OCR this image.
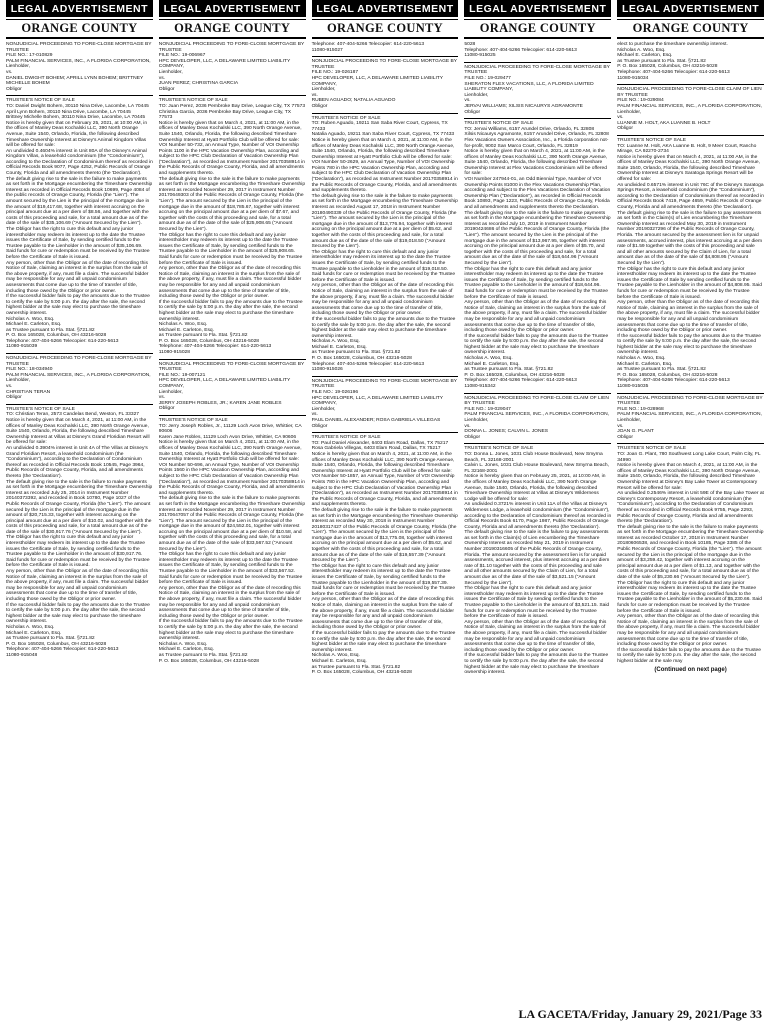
LEGAL ADVERTISEMENT
ORANGE COUNTY
NONJUDICIAL PROCEEDING TO FORE-CLOSE MORTGAGE BY TRUSTEE
FILE NO.: 17-010829
PALM FINANCIAL SERVICES, INC., A FLORIDA CORPORATION,
Lienholder,
vs.
DANIEL DWIGHT BOHEM; APRILL LYNN BOHEM; BRITTNEY MICHELLE BOHEM
Obligor
TRUSTEE'S NOTICE OF SALE
TO: Daniel Dwight Bohem, 30110 Nina Drive, Lacombe, LA 70445
April Lynn Bohem, 30110 Nina Drive, Lacombe, LA 70445
Brittney Michelle Bohem, 30110 Nina Drive, Lacombe, LA 70445
Notice is hereby given that on February 25, 2021, at 10:00 AM, in the offices of Manley Deas Kochalski LLC, 390 North Orange Avenue, Suite 1540, Orlando, Florida, the following described Timeshare Ownership Interest at Disney's Animal Kingdom Villas will be offered for sale:
An undivided 0.4604% interest in Unit 80A of the Disney's Animal Kingdom Villas, a leasehold condominium (the "Condominium"), according to the Declaration of Condominium thereof as recorded in Official Records Book 9077, Page 4252, Public Records of Orange County, Florida and all amendments thereto (the 'Declaration').
The default giving rise to the sale is the failure to make payments as set forth in the Mortgage encumbering the Timeshare Ownership Interest as recorded in Official Records Book 10699, Page 4084 of the public records of Orange County, Florida (the "Lien"). The amount secured by the Lien is the principal of the mortgage due in the amount of $19,417.68, together with interest accruing on the principal amount due at a per diem of $8.56, and together with the costs of this proceeding and sale, for a total amount due as of the date of the sale of $35,106.69 ("Amount Secured by the Lien").
The Obligor has the right to cure this default and any junior interestholder may redeem its interest up to the date the Trustee issues the Certificate of Sale, by sending certified funds to the Trustee payable to the Lienholder in the amount of $35,106.69. Said funds for cure or redemption must be received by the Trustee before the Certificate of Sale is issued.
Any person, other than the Obligor as of the date of recording this Notice of Sale, claiming an interest in the surplus from the sale of the above property, if any, must file a claim. The successful bidder may be responsible for any and all unpaid condominium assessments that come due up to the time of transfer of title, including those owed by the Obligor or prior owner.
If the successful bidder fails to pay the amounts due to the Trustee to certify the sale by 5:00 p.m. the day after the sale, the second highest bidder at the sale may elect to purchase the timeshare ownership interest.
Nicholas A. Woo, Esq.
Michael E. Carleton, Esq.
as Trustee pursuant to Fla. Stat. §721.82
P. O. Box 165028, Columbus, OH 43216-5028
Telephone: 407-404-5266 Telecopier: 614-220-5613
11080-915039
NONJUDICIAL PROCEEDING TO FORE-CLOSE MORTGAGE BY TRUSTEE
FILE NO.: 18-034940
PALM FINANCIAL SERVICES, INC., A FLORIDA CORPORATION,
Lienholder,
vs.
CHRISTIAN TERAN
Obligor
TRUSTEE'S NOTICE OF SALE
TO: Christian Teran, 2573 Candelas Bend, Weston, FL 33327
Notice is hereby given that on March 4, 2021, at 11:00 AM, in the offices of Manley Deas Kochalski LLC, 390 North Orange Avenue, Suite 1540, Orlando, Florida, the following described Timeshare Ownership Interest at Villas at Disney's Grand Floridian Resort will be offered for sale:
An undivided 0.3904% interest in Unit 4A of The Villas at Disney's Grand Floridian Resort, a leasehold condominium (the "Condominium"), according to the Declaration of Condominium thereof as recorded in Official Records Book 10545, Page 3964, Public Records of Orange County, Florida, and all amendments thereto (the 'Declaration').
The default giving rise to the sale is the failure to make payments as set forth in the Mortgage encumbering the Timeshare Ownership Interest as recorded July 25, 2014 in Instrument Number 20140373392, and recorded in Book 10780, Page 1027 of the Public Records of Orange County, Florida (the "Lien"). The amount secured by the Lien is the principal of the mortgage due in the amount of $20,715.33, together with interest accruing on the principal amount due at a per diem of $10.02, and together with the costs of this proceeding and sale, for a total amount due as of the date of the sale of $30,917.76 ("Amount Secured by the Lien").
The Obligor has the right to cure this default and any junior interestholder may redeem its interest up to the date the Trustee issues the Certificate of Sale, by sending certified funds to the Trustee payable to the Lienholder in the amount of $30,917.76. Said funds for cure or redemption must be received by the Trustee before the Certificate of Sale is issued.
Any person, other than the Obligor as of the date of recording this Notice of Sale, claiming an interest in the surplus from the sale of the above property, if any, must file a claim. The successful bidder may be responsible for any and all unpaid condominium assessments that come due up to the time of transfer of title, including those owed by the Obligor or prior owner.
If the successful bidder fails to pay the amounts due to the Trustee to certify the sale by 5:00 p.m. the day after the sale, the second highest bidder at the sale may elect to purchase the timeshare ownership interest.
Nicholas A. Woo, Esq.
Michael E. Carleton, Esq.
as Trustee pursuant to Fla. Stat. §721.82
P. O. Box 165028, Columbus, OH 43216-5028
Telephone: 407-404-5266 Telecopier: 614-220-5613
11080-915048
LEGAL ADVERTISEMENT
ORANGE COUNTY
NONJUDICIAL PROCEEDING TO FORE-CLOSE MORTGAGE BY TRUSTEE
FILE NO.: 19-006967
HPC DEVELOPER, LLC, A DELAWARE LIMITED LIABILITY COMPANY,
Lienholder,
vs.
JUAN PEREZ; CHRISTINA GARCIA
Obligor
TRUSTEE'S NOTICE OF SALE
TO: Juan Perez, 2036 Pembroke Bay Drive, League City, TX 77573
Christina Garcia, 2036 Pembroke Bay Drive, League City, TX 77573
Notice is hereby given that on March 4, 2021, at 11:00 AM, in the offices of Manley Deas Kochalski LLC, 390 North Orange Avenue, Suite 1540, Orlando, Florida, the following described Timeshare Ownership Interest at Hyatt Portfolio Club will be offered for sale:
VOI Number 50-732, an Annual Type, Number of VOI Ownership Points 1100 in the HPC Vacation Ownership Plan, according and subject to the HPC Club Declaration of Vacation Ownership Plan ("Declaration"), as recorded as Instrument Number 20170358914 in the Public Records of Orange County, Florida, and all amendments and supplements thereto.
The default giving rise to the sale is the failure to make payments as set forth in the Mortgage encumbering the Timeshare Ownership Interest as recorded November 29, 2017 in Instrument Number 20170649303 of the Public Records of Orange County, Florida (the "Lien"). The amount secured by the Lien is the principal of the mortgage due in the amount of $18,785.67, together with interest accruing on the principal amount due at a per diem of $7.67, and together with the costs of this proceeding and sale, for a total amount due as of the date of the sale of $25,908.65 ("Amount Secured by the Lien").
The Obligor has the right to cure this default and any junior interestholder may redeem its interest up to the date the Trustee issues the Certificate of Sale, by sending certified funds to the Trustee payable to the Lienholder in the amount of $25,908.65. Said funds for cure or redemption must be received by the Trustee before the Certificate of Sale is issued.
Any person, other than the Obligor as of the date of recording this Notice of Sale, claiming an interest in the surplus from the sale of the above property, if any, must file a claim. The successful bidder may be responsible for any and all unpaid condominium assessments that come due up to the time of transfer of title, including those owed by the Obligor or prior owner.
If the successful bidder fails to pay the amounts due to the Trustee to certify the sale by 5:00 p.m. the day after the sale, the second highest bidder at the sale may elect to purchase the timeshare ownership interest.
Nicholas A. Woo, Esq.
Michael E. Carleton, Esq.
as Trustee pursuant to Fla. Stat. §721.82
P. O. Box 165028, Columbus, OH 43216-5028
Telephone: 407-404-5266 Telecopier: 614-220-5613
11080-915028
NONJUDICIAL PROCEEDING TO FORE-CLOSE MORTGAGE BY TRUSTEE
FILE NO.: 19-007121
HPC DEVELOPER, LLC, A DELAWARE LIMITED LIABILITY COMPANY,
Lienholder,
vs.
JERRY JOSEPH ROBLES, JR.; KAREN JANE ROBLES
Obligor
TRUSTEE'S NOTICE OF SALE
TO: Jerry Joseph Robles, Jr., 11129 Loch Avon Drive, Whittier, CA 90606
Karen Jane Robles, 11129 Loch Avon Drive, Whittier, CA 90606
Notice is hereby given that on March 4, 2021, at 11:00 AM, in the offices of Manley Deas Kochalski LLC, 390 North Orange Avenue, Suite 1540, Orlando, Florida, the following described Timeshare Ownership Interest at Hyatt Portfolio Club will be offered for sale:
VOI Number 50-696, an Annual Type, Number of VOI Ownership Points 1560 in the HPC Vacation Ownership Plan, according and subject to the HPC Club Declaration of Vacation Ownership Plan ("Declaration"), as recorded as Instrument Number 20170358914 in the Public Records of Orange County, Florida, and all amendments and supplements thereto.
The default giving rise to the sale is the failure to make payments as set forth in the Mortgage encumbering the Timeshare Ownership Interest as recorded November 29, 2017 in Instrument Number 20170647057 of the Public Records of Orange County, Florida (the "Lien"). The amount secured by the Lien is the principal of the mortgage due in the amount of $24,552.01, together with interest accruing on the principal amount due at a per diem of $10.58, and together with the costs of this proceeding and sale, for a total amount due as of the date of the sale of $33,567.52 ("Amount Secured by the Lien").
The Obligor has the right to cure this default and any junior interestholder may redeem its interest up to the date the Trustee issues the Certificate of Sale, by sending certified funds to the Trustee payable to the Lienholder in the amount of $33,567.52. Said funds for cure or redemption must be received by the Trustee before the Certificate of Sale is issued.
Any person, other than the Obligor as of the date of recording this Notice of Sale, claiming an interest in the surplus from the sale of the above property, if any, must file a claim. The successful bidder may be responsible for any and all unpaid condominium assessments that come due up to the time of transfer of title, including those owed by the Obligor or prior owner.
If the successful bidder fails to pay the amounts due to the Trustee to certify the sale by 5:00 p.m. the day after the sale, the second highest bidder at the sale may elect to purchase the timeshare ownership interest.
Nicholas A. Woo, Esq.
Michael E. Carleton, Esq.
as Trustee pursuant to Fla. Stat. §721.82
P. O. Box 165028, Columbus, OH 43216-5028
LEGAL ADVERTISEMENT
ORANGE COUNTY
Telephone: 407-404-5266 Telecopier: 614-220-5613
11080-915027
NONJUDICIAL PROCEEDING TO FORE-CLOSE MORTGAGE BY TRUSTEE
FILE NO.: 19-026187
HPC DEVELOPER, LLC, A DELAWARE LIMITED LIABILITY COMPANY,
Lienholder,
vs.
RUBEN AGUADO; NATALIA AGUADO
Obligor
TRUSTEE'S NOTICE OF SALE
TO: Ruben Aguado, 19211 San Saba River Court, Cypress, TX 77433
Natalia Aguado, 19211 San Saba River Court, Cypress, TX 77433
Notice is hereby given that on March 4, 2021, at 11:00 AM, in the offices of Manley Deas Kochalski LLC, 390 North Orange Avenue, Suite 1540, Orlando, Florida, the following described Timeshare Ownership Interest at Hyatt Portfolio Club will be offered for sale:
VOI Number 50-2629, an Annual Type, Number of VOI Ownership Points 780 in the HPC Vacation Ownership Plan, according and subject to the HPC Club Declaration of Vacation Ownership Plan ("Declaration"), as recorded as Instrument Number 20170358914 in the Public Records of Orange County, Florida, and all amendments and supplements thereto.
The default giving rise to the sale is the failure to make payments as set forth in the Mortgage encumbering the Timeshare Ownership Interest as recorded August 17, 2018 in Instrument Number 20180490339 of the Public Records of Orange County, Florida (the "Lien"). The amount secured by the Lien is the principal of the mortgage due in the amount of $13,776.94, together with interest accruing on the principal amount due at a per diem of $5.62, and together with the costs of this proceeding and sale, for a total amount due as of the date of the sale of $19,018.50 ("Amount Secured by the Lien").
The Obligor has the right to cure this default and any junior interestholder may redeem its interest up to the date the Trustee issues the Certificate of Sale, by sending certified funds to the Trustee payable to the Lienholder in the amount of $19,018.50. Said funds for cure or redemption must be received by the Trustee before the Certificate of Sale is issued.
Any person, other than the Obligor as of the date of recording this Notice of Sale, claiming an interest in the surplus from the sale of the above property, if any, must file a claim. The successful bidder may be responsible for any and all unpaid condominium assessments that come due up to the time of transfer of title, including those owed by the Obligor or prior owner.
If the successful bidder fails to pay the amounts due to the Trustee to certify the sale by 5:00 p.m. the day after the sale, the second highest bidder at the sale may elect to purchase the timeshare ownership interest.
Nicholas A. Woo, Esq.
Michael E. Carleton, Esq.
as Trustee pursuant to Fla. Stat. §721.82
P. O. Box 165028, Columbus, OH 43216-5028
Telephone: 407-404-5266 Telecopier: 614-220-5613
11080-915026
NONJUDICIAL PROCEEDING TO FORE-CLOSE MORTGAGE BY TRUSTEE
FILE NO.: 19-026196
HPC DEVELOPER, LLC, A DELAWARE LIMITED LIABILITY COMPANY,
Lienholder,
vs.
PAUL DANIEL ALEXANDER; ROSA GABRIELA VILLEGAS
Obligor
TRUSTEE'S NOTICE OF SALE
TO: Paul Daniel Alexander, 6403 Elam Road, Dallas, TX 75217
Rosa Gabriela Villegas, 6403 Elam Road, Dallas, TX 75217
Notice is hereby given that on March 4, 2021, at 11:00 AM, in the offices of Manley Deas Kochalski LLC, 390 North Orange Avenue, Suite 1540, Orlando, Florida, the following described Timeshare Ownership Interest at Hyatt Portfolio Club will be offered for sale:
VOI Number 50-1857, an Annual Type, Number of VOI Ownership Points 780 in the HPC Vacation Ownership Plan, according and subject to the HPC Club Declaration of Vacation Ownership Plan ("Declaration"), as recorded as Instrument Number 20170358914 in the Public Records of Orange County, Florida, and all amendments and supplements thereto.
The default giving rise to the sale is the failure to make payments as set forth in the Mortgage encumbering the Timeshare Ownership Interest as recorded May 30, 2018 in Instrument Number 20180317427 of the Public Records of Orange County, Florida (the "Lien"). The amount secured by the Lien is the principal of the mortgage due in the amount of $13,775.08, together with interest accruing on the principal amount due at a per diem of $5.62, and together with the costs of this proceeding and sale, for a total amount due as of the date of the sale of $19,557.39 ("Amount Secured by the Lien").
The Obligor has the right to cure this default and any junior interestholder may redeem its interest up to the date the Trustee issues the Certificate of Sale, by sending certified funds to the Trustee payable to the Lienholder in the amount of $19,557.39. Said funds for cure or redemption must be received by the Trustee before the Certificate of Sale is issued.
Any person, other than the Obligor as of the date of recording this Notice of Sale, claiming an interest in the surplus from the sale of the above property, if any, must file a claim. The successful bidder may be responsible for any and all unpaid condominium assessments that come due up to the time of transfer of title, including those owed by the Obligor or prior owner.
If the successful bidder fails to pay the amounts due to the Trustee to certify the sale by 5:00 p.m. the day after the sale, the second highest bidder at the sale may elect to purchase the timeshare ownership interest.
Nicholas A. Woo, Esq.
Michael E. Carleton, Esq.
as Trustee pursuant to Fla. Stat. §721.82
P. O. Box 165028, Columbus, OH 43216-5028
LEGAL ADVERTISEMENT
ORANGE COUNTY
5028
Telephone: 407-404-5266 Telecopier: 614-220-5613
11080-915025
NONJUDICIAL PROCEEDING TO FORE-CLOSE MORTGAGE BY TRUSTEE
FILE NO.: 19-029477
SHERATON FLEX VACATIONS, LLC, A FLORIDA LIMITED LIABILITY COMPANY,
Lienholder,
vs.
JERVAI WILLIAMS; XILSIS NICAURYS AGRAMONTE
Obligor
TRUSTEE'S NOTICE OF SALE
TO: Jervai Williams, 6157 Arundel Drive, Orlando, FL 32808
Xilsis Nicaurys Agramonte, 6157 Arundel Drive, Orlando, FL 32808
Flex Vacations Owners Association, Inc., a Florida corporation not-for-profit, 9002 San Marco Court, Orlando, FL 32819
Notice is hereby given that on March 4, 2021, at 11:00 AM, in the offices of Manley Deas Kochalski LLC, 390 North Orange Avenue, Suite 1540, Orlando, Florida, the following described Timeshare Ownership Interest at Flex Vacations Condominium will be offered for sale:
VOI Number 247944-01, an Odd Biennial Type, Number of VOI Ownership Points 81000 in the Flex Vacations Ownership Plan, according and subject to the Flex Vacations Declaration of Vacation Ownership Plan ("Declaration"), as recorded in Official Records Book 10893, Page 1223, Public Records of Orange County, Florida and all amendments and supplements thereto the Declaration.
The default giving rise to the sale is the failure to make payments as set forth in the Mortgage encumbering the Timeshare Ownership Interest as recorded July 10, 2019 in Instrument Number 20190424686 of the Public Records of Orange County, Florida (the "Lien"). The amount secured by the Lien is the principal of the mortgage due in the amount of $13,967.95, together with interest accruing on the principal amount due at a per diem of $5.70, and together with the costs of this proceeding and sale, for a total amount due as of the date of the sale of $18,644.96 ("Amount Secured by the Lien").
The Obligor has the right to cure this default and any junior interestholder may redeem its interest up to the date the Trustee issues the Certificate of Sale, by sending certified funds to the Trustee payable to the Lienholder in the amount of $18,644.96. Said funds for cure or redemption must be received by the Trustee before the Certificate of Sale is issued.
Any person, other than the Obligor as of the date of recording this Notice of Sale, claiming an interest in the surplus from the sale of the above property, if any, must file a claim. The successful bidder may be responsible for any and all unpaid condominium assessments that come due up to the time of transfer of title, including those owed by the Obligor or prior owner.
If the successful bidder fails to pay the amounts due to the Trustee to certify the sale by 5:00 p.m. the day after the sale, the second highest bidder at the sale may elect to purchase the timeshare ownership interest.
Nicholas A. Woo, Esq.
Michael E. Carleton, Esq.
as Trustee pursuant to Fla. Stat. §721.82
P. O. Box 165028, Columbus, OH 43216-5028
Telephone: 407-404-5266 Telecopier: 614-220-5613
11080-915342
NONJUDICIAL PROCEEDING TO FORE-CLOSE CLAIM OF LIEN BY TRUSTEE
FILE NO.: 19-029047
PALM FINANCIAL SERVICES, INC., A FLORIDA CORPORATION,
Lienholder,
vs.
DONNA L. JONES; CALVIN L. JONES
Obligor
TRUSTEE'S NOTICE OF SALE
TO: Donna L. Jones, 1031 Club House Boulevard, New Smyrna Beach, FL 32168-2001
Calvin L. Jones, 1031 Club House Boulevard, New Smyrna Beach, FL 32168-2001
Notice is hereby given that on February 25, 2021, at 10:00 AM, in the offices of Manley Deas Kochalski LLC, 390 North Orange Avenue, Suite 1540, Orlando, Florida, the following described Timeshare Ownership Interest at Villas at Disney's Wilderness Lodge will be offered for sale:
An undivided 0.3721% interest in Unit 11A of the Villas at Disney's Wilderness Lodge, a leasehold condominium (the "Condominium"), according to the Declaration of Condominium thereof as recorded in Official Records Book 6170, Page 1987, Public Records of Orange County, Florida and all amendments thereto (the 'Declaration').
The default giving rise to the sale is the failure to pay assessments as set forth in the Claim(s) of Lien encumbering the Timeshare Ownership Interest as recorded May 21, 2019 in Instrument Number 20190316605 of the Public Records of Orange County, Florida. The amount secured by the assessment lien is for unpaid assessments, accrued interest, plus interest accruing at a per diem rate of $1.10 together with the costs of this proceeding and sale and all other amounts secured by the Claim of Lien, for a total amount due as of the date of the sale of $3,521.15 ("Amount Secured by the Lien").
The Obligor has the right to cure this default and any junior interestholder may redeem its interest up to the date the Trustee issues the Certificate of Sale by sending certified funds to the Trustee payable to the Lienholder in the amount of $3,521.15. Said funds for cure or redemption must be received by the Trustee before the Certificate of Sale is issued.
Any person, other than the Obligor as of the date of recording this Notice of Sale, claiming an interest in the surplus from the sale of the above property, if any, must file a claim. The successful bidder may be responsible for any and all unpaid condominium assessments that come due up to the time of transfer of title, including those owed by the Obligor or prior owner.
If the successful bidder fails to pay the amounts due to the Trustee to certify the sale by 5:00 p.m. the day after the sale, the second highest bidder at the sale may elect to purchase the timeshare ownership interest.
LEGAL ADVERTISEMENT
ORANGE COUNTY
elect to purchase the timeshare ownership interest.
Nicholas A. Woo, Esq.
Michael E. Carleton, Esq.
as Trustee pursuant to Fla. Stat. §721.82
P. O. Box 165028, Columbus, OH 43216-5028
Telephone: 407-404-5266 Telecopier: 614-220-5613
11080-915034
NONJUDICIAL PROCEEDING TO FORE-CLOSE CLAIM OF LIEN BY TRUSTEE
FILE NO.: 19-029084
PALM FINANCIAL SERVICES, INC., A FLORIDA CORPORATION,
Lienholder,
vs.
LUANNE M. HOLT, AKA LUANNE B. HOLT
Obligor
TRUSTEE'S NOTICE OF SALE
TO: Luanne M. Holt, AKA Luanne B. Holt, 9 Meer Court, Rancho Mirage, CA 92270-2734
Notice is hereby given that on March 4, 2021, at 11:00 AM, in the offices of Manley Deas Kochalski LLC, 390 North Orange Avenue, Suite 1540, Orlando, Florida, the following described Timeshare Ownership Interest at Disney's Saratoga Springs Resort will be offered for sale:
An undivided 0.6571% interest in Unit 76C of the Disney's Saratoga Springs Resort, a leasehold condominium (the "Condominium"), according to the Declaration of Condominium thereof as recorded in Official Records Book 7419, Page 4659, Public Records of Orange County, Florida and all amendments thereto (the 'Declaration').
The default giving rise to the sale is the failure to pay assessments as set forth in the Claim(s) of Lien encumbering the Timeshare Ownership Interest as recorded May 30, 2019 in Instrument Number 20190327296 of the Public Records of Orange County, Florida. The amount secured by the assessment lien is for unpaid assessments, accrued interest, plus interest accruing at a per diem rate of $1.59 together with the costs of this proceeding and sale and all other amounts secured by the Claim of Lien, for a total amount due as of the date of the sale of $4,808.95 ("Amount Secured by the Lien").
The Obligor has the right to cure this default and any junior interestholder may redeem its interest up to the date the Trustee issues the Certificate of Sale by sending certified funds to the Trustee payable to the Lienholder in the amount of $4,808.95. Said funds for cure or redemption must be received by the Trustee before the Certificate of Sale is issued.
Any person, other than the Obligor as of the date of recording this Notice of Sale, claiming an interest in the surplus from the sale of the above property, if any, must file a claim. The successful bidder may be responsible for any and all unpaid condominium assessments that come due up to the time of transfer of title, including those owed by the Obligor or prior owner.
If the successful bidder fails to pay the amounts due to the Trustee to certify the sale by 5:00 p.m. the day after the sale, the second highest bidder at the sale may elect to purchase the timeshare ownership interest.
Nicholas A. Woo, Esq.
Michael E. Carleton, Esq.
as Trustee pursuant to Fla. Stat. §721.82
P. O. Box 165028, Columbus, OH 43216-5028
Telephone: 407-404-5266 Telecopier: 614-220-5613
11080-915035
NONJUDICIAL PROCEEDING TO FORE-CLOSE MORTGAGE BY TRUSTEE
FILE NO.: 19-028968
PALM FINANCIAL SERVICES, INC., A FLORIDA CORPORATION,
Lienholder,
vs.
JOAN G. PLANT
Obligor
TRUSTEE'S NOTICE OF SALE
TO: Joan G. Plant, 780 Southwest Long Lake Court, Palm City, FL 34990
Notice is hereby given that on March 4, 2021, at 11:00 AM, in the offices of Manley Deas Kochalski LLC, 390 North Orange Avenue, Suite 1540, Orlando, Florida, the following described Timeshare Ownership Interest at Disney's Bay Lake Tower at Contemporary Resort will be offered for sale:
An undivided 0.2546% interest in Unit 59E of the Bay Lake Tower at Disney's Contemporary Resort, a leasehold condominium (the "Condominium"), according to the Declaration of Condominium thereof as recorded in Official Records Book 9755, Page 2293, Public Records of Orange County, Florida and all amendments thereto (the 'Declaration').
The default giving rise to the sale is the failure to make payments as set forth in the Mortgage encumbering the Timeshare Ownership Interest as recorded October 17, 2018 in Instrument Number 20180606538, and recorded in Book 10185, Page 3385 of the Public Records of Orange County, Florida (the "Lien"). The amount secured by the Lien is the principal of the mortgage due in the amount of $3,259.42, together with interest accruing on the principal amount due at a per diem of $1.13, and together with the costs of this proceeding and sale, for a total amount due as of the date of the sale of $5,230.66 ("Amount Secured by the Lien").
The Obligor has the right to cure this default and any junior interestholder may redeem its interest up to the date the Trustee issues the Certificate of Sale, by sending certified funds to the Trustee payable to the Lienholder in the amount of $5,230.66. Said funds for cure or redemption must be received by the Trustee before the Certificate of Sale is issued.
Any person, other than the Obligor as of the date of recording this Notice of Sale, claiming an interest in the surplus from the sale of the above property, if any, must file a claim. The successful bidder may be responsible for any and all unpaid condominium assessments that come due up to the time of transfer of title, including those owed by the Obligor or prior owner.
If the successful bidder fails to pay the amounts due to the Trustee to certify the sale by 5:00 p.m. the day after the sale, the second highest bidder at the sale may
(Continued on next page)
LA GACETA/Friday, January 29, 2021/Page 33
